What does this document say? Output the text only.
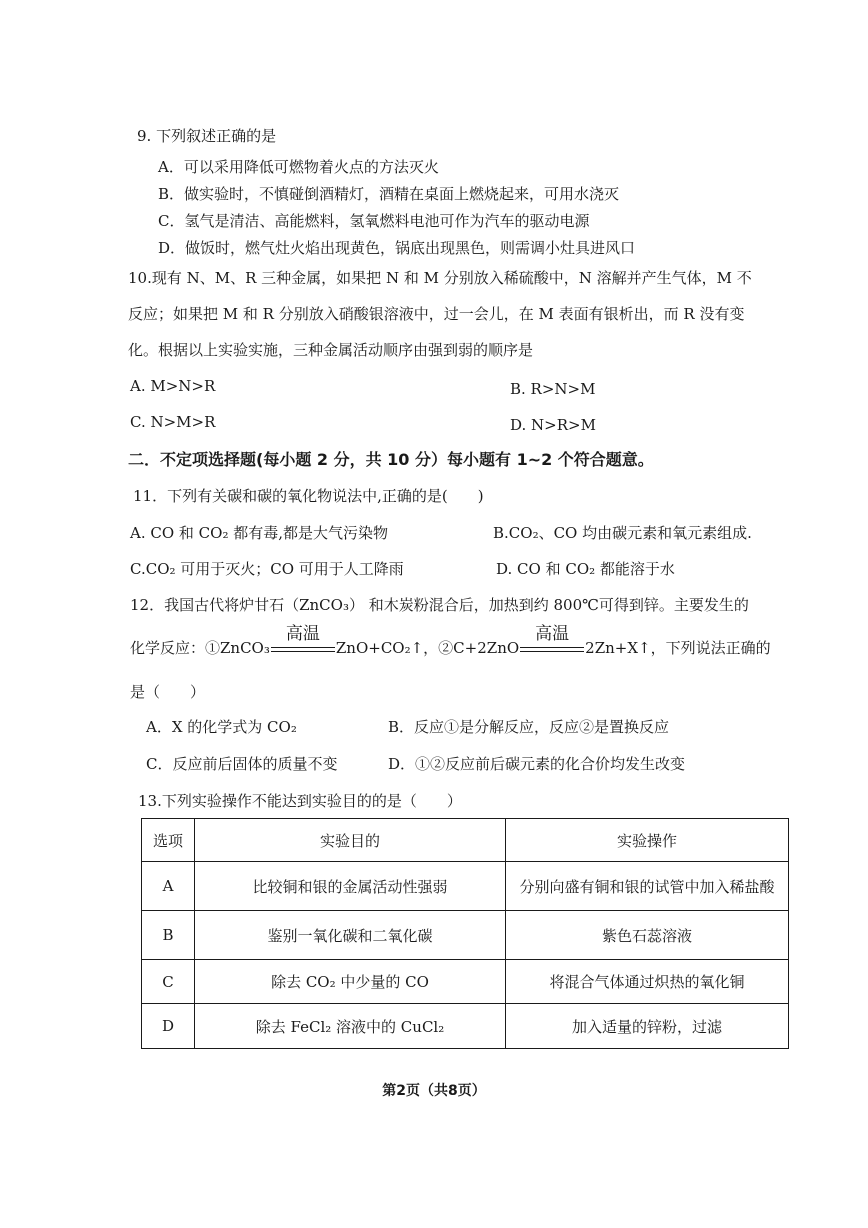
9. 下列叙述正确的是
A．可以采用降低可燃物着火点的方法灭火
B．做实验时，不慎碰倒酒精灯，酒精在桌面上燃烧起来，可用水浇灭
C．氢气是清洁、高能燃料，氢氧燃料电池可作为汽车的驱动电源
D．做饭时，燃气灶火焰出现黄色，锅底出现黑色，则需调小灶具进风口
10.现有 N、M、R 三种金属，如果把 N 和 M 分别放入稀硫酸中，N 溶解并产生气体，M 不
反应；如果把 M 和 R 分别放入硝酸银溶液中，过一会儿，在 M 表面有银析出，而 R 没有变
化。根据以上实验实施，三种金属活动顺序由强到弱的顺序是
A. M>N>R	B. R>N>M
C. N>M>R	D. N>R>M
二．不定项选择题(每小题 2 分，共 10 分）每小题有 1~2 个符合题意。
11．下列有关碳和碳的氧化物说法中,正确的是(　　)
A. CO 和 CO₂ 都有毒,都是大气污染物	B.CO₂、CO 均由碳元素和氧元素组成.
C.CO₂ 可用于灭火；CO 可用于人工降雨	D. CO 和 CO₂ 都能溶于水
12．我国古代将炉甘石（ZnCO₃） 和木炭粉混合后，加热到约 800℃可得到锌。主要发生的
化学反应：①ZnCO₃
高温
ZnO+CO₂↑，②C+2ZnO
高温
2Zn+X↑，下列说法正确的
是（　　）
A．X 的化学式为 CO₂	B．反应①是分解反应，反应②是置换反应
C．反应前后固体的质量不变	D．①②反应前后碳元素的化合价均发生改变
13.下列实验操作不能达到实验目的的是（　　）
选项	实验目的	实验操作
A	比较铜和银的金属活动性强弱	分别向盛有铜和银的试管中加入稀盐酸
B	鉴别一氧化碳和二氧化碳	紫色石蕊溶液
C	除去 CO₂ 中少量的 CO	将混合气体通过炽热的氧化铜
D	除去 FeCl₂ 溶液中的 CuCl₂	加入适量的锌粉，过滤
第2页（共8页）
